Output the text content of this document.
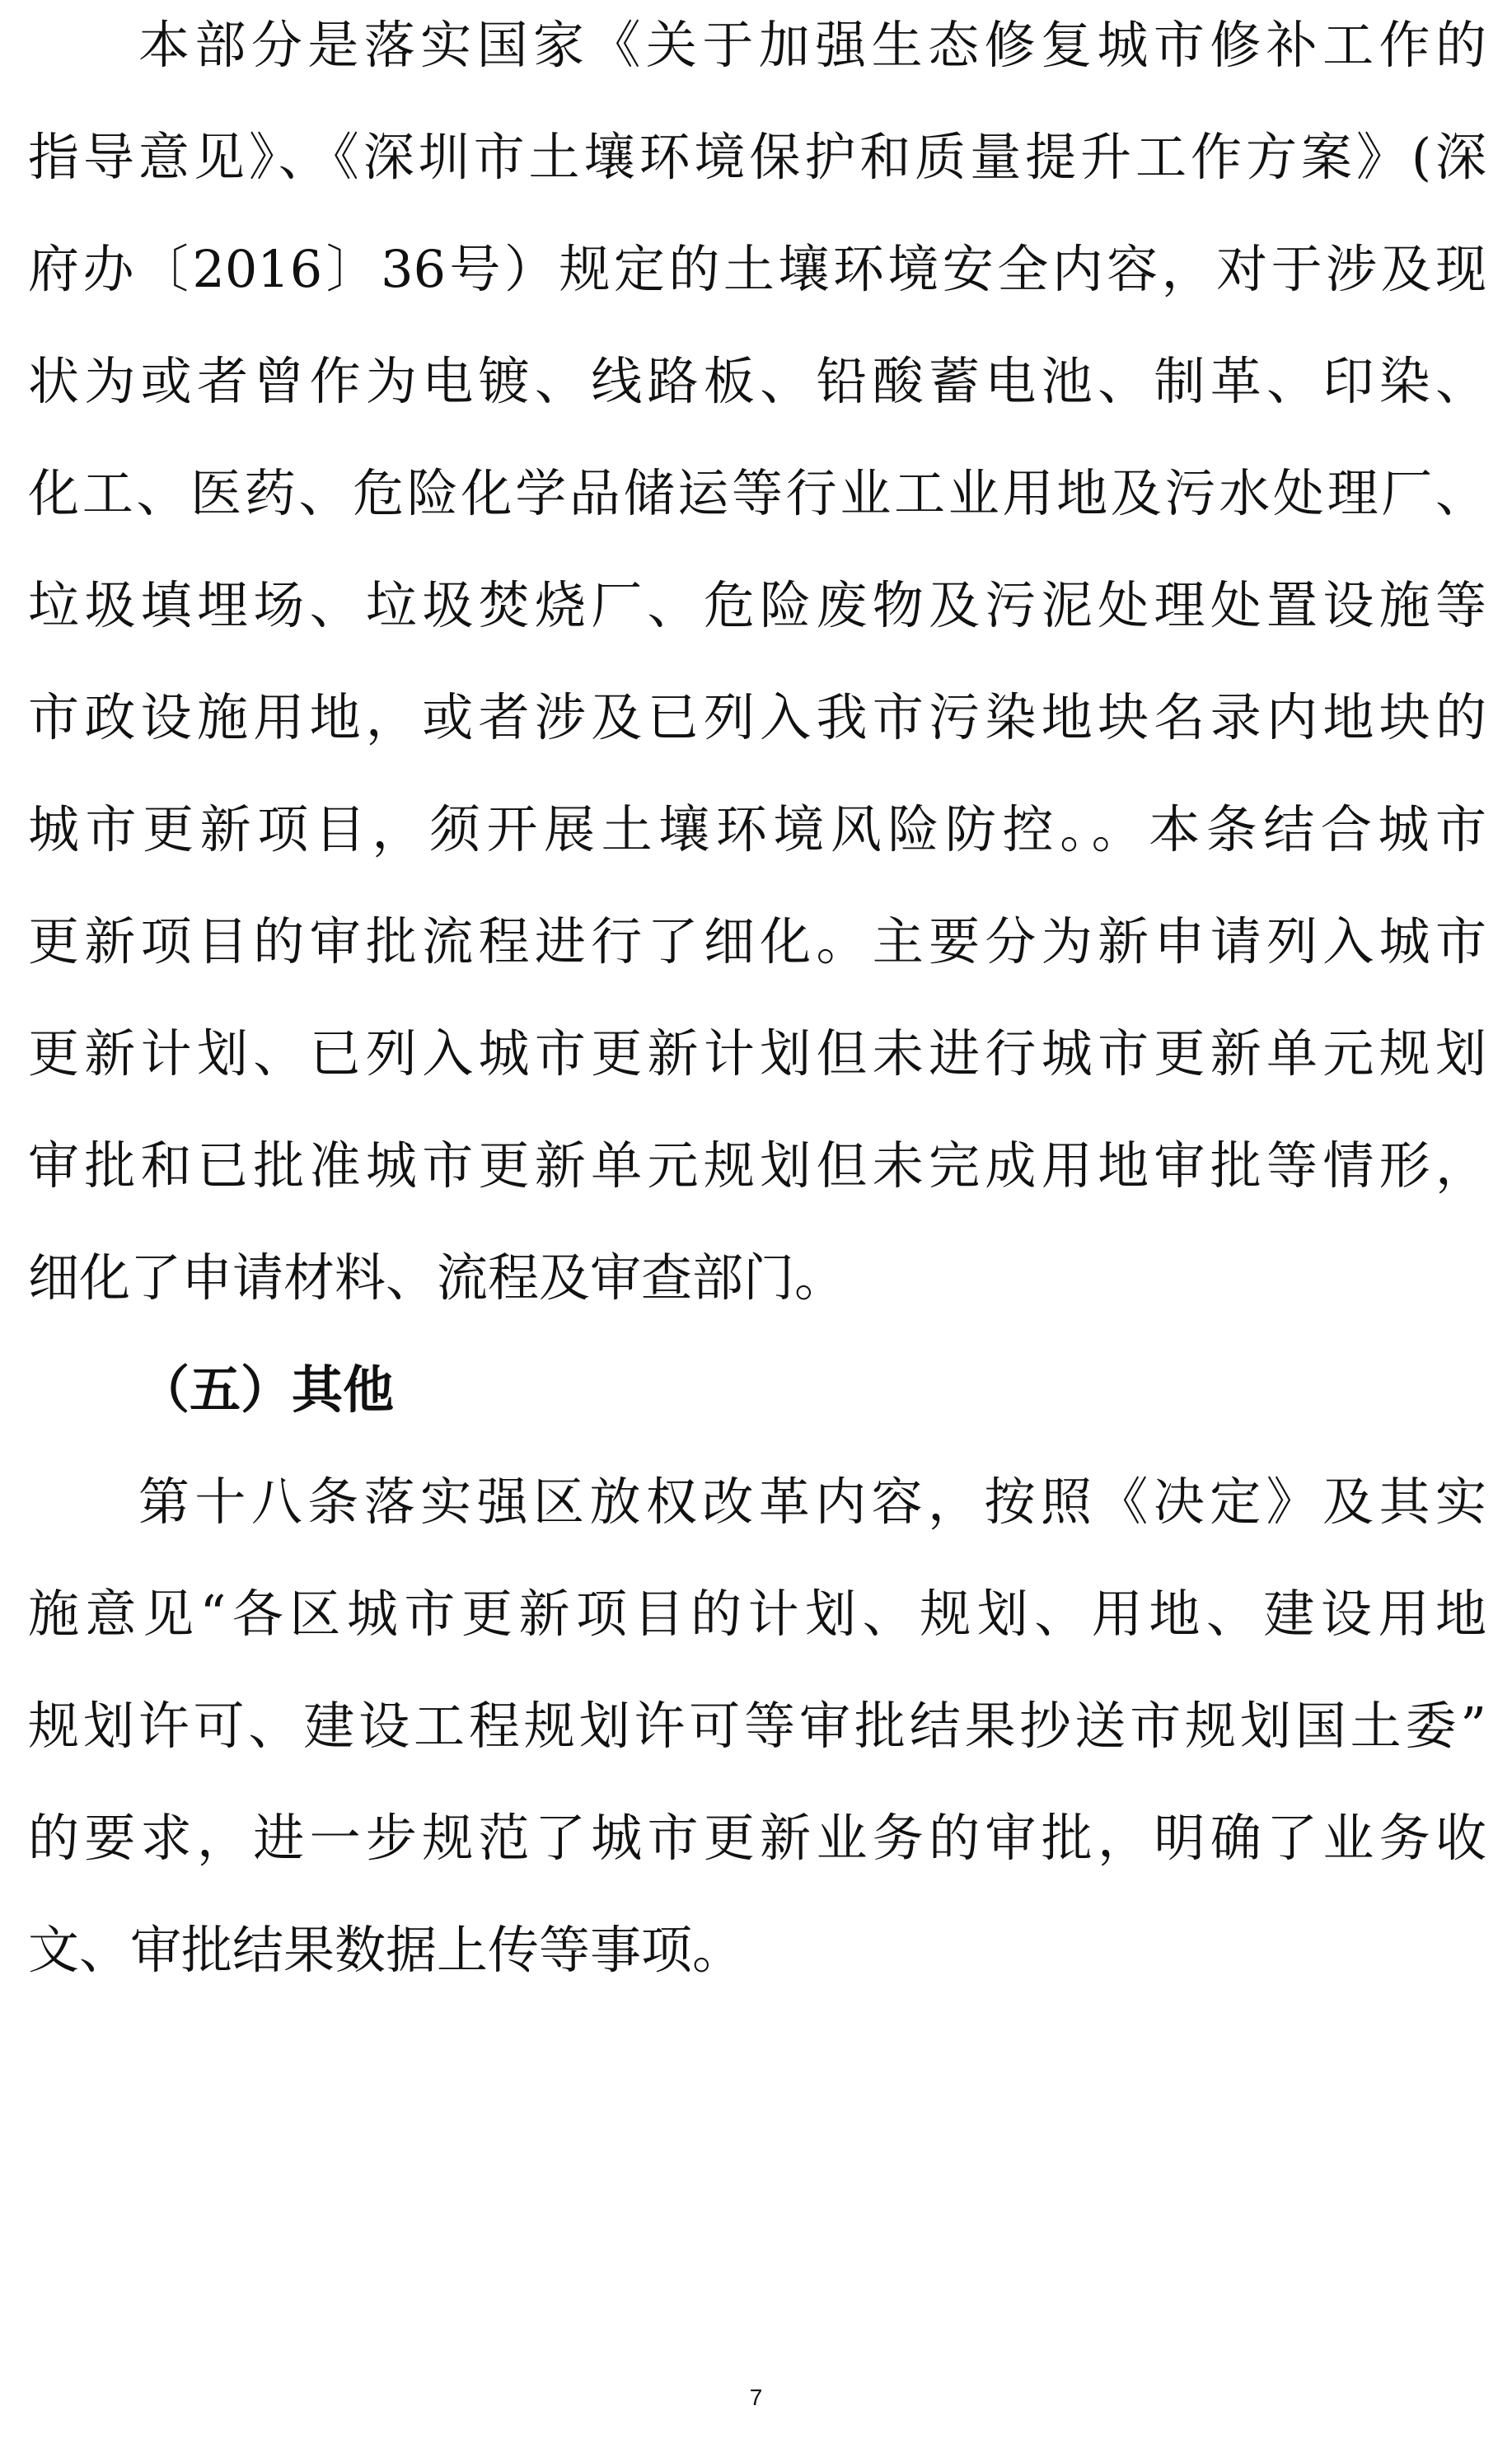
本部分是落实国家《关于加强生态修复城市修补工作的
指导意见》、《深圳市土壤环境保护和质量提升工作方案》(深
府办〔2016〕36号）规定的土壤环境安全内容，对于涉及现
状为或者曾作为电镀、线路板、铅酸蓄电池、制革、印染、
化工、医药、危险化学品储运等行业工业用地及污水处理厂、
垃圾填埋场、垃圾焚烧厂、危险废物及污泥处理处置设施等
市政设施用地，或者涉及已列入我市污染地块名录内地块的
城市更新项目，须开展土壤环境风险防控。。本条结合城市
更新项目的审批流程进行了细化。主要分为新申请列入城市
更新计划、已列入城市更新计划但未进行城市更新单元规划
审批和已批准城市更新单元规划但未完成用地审批等情形，
细化了申请材料、流程及审查部门。
（五）其他
第十八条落实强区放权改革内容，按照《决定》及其实
施意见“各区城市更新项目的计划、规划、用地、建设用地
规划许可、建设工程规划许可等审批结果抄送市规划国土委”
的要求，进一步规范了城市更新业务的审批，明确了业务收
文、审批结果数据上传等事项。
7
